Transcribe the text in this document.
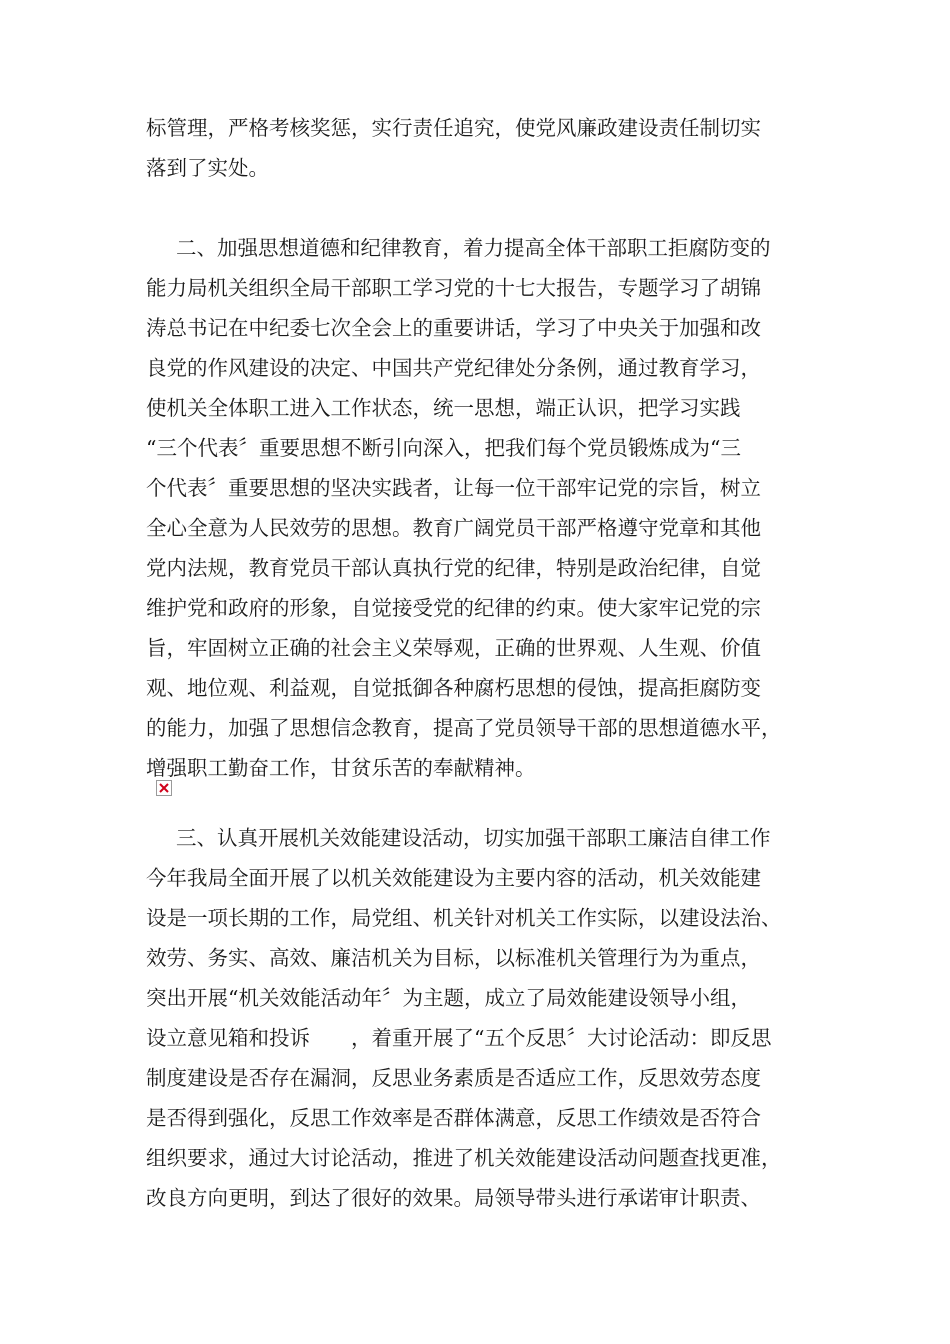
标管理，严格考核奖惩，实行责任追究，使党风廉政建设责任制切实
落到了实处。
二、加强思想道德和纪律教育，着力提高全体干部职工拒腐防变的
能力局机关组织全局干部职工学习党的十七大报告，专题学习了胡锦
涛总书记在中纪委七次全会上的重要讲话，学习了中央关于加强和改
良党的作风建设的决定、中国共产党纪律处分条例，通过教育学习，
使机关全体职工进入工作状态，统一思想，端正认识，把学习实践
“三个代表〞重要思想不断引向深入，把我们每个党员锻炼成为“三
个代表〞重要思想的坚决实践者，让每一位干部牢记党的宗旨，树立
全心全意为人民效劳的思想。教育广阔党员干部严格遵守党章和其他
党内法规，教育党员干部认真执行党的纪律，特别是政治纪律，自觉
维护党和政府的形象，自觉接受党的纪律的约束。使大家牢记党的宗
旨，牢固树立正确的社会主义荣辱观，正确的世界观、人生观、价值
观、地位观、利益观，自觉抵御各种腐朽思想的侵蚀，提高拒腐防变
的能力，加强了思想信念教育，提高了党员领导干部的思想道德水平，
增强职工勤奋工作，甘贫乐苦的奉献精神。
三、认真开展机关效能建设活动，切实加强干部职工廉洁自律工作
今年我局全面开展了以机关效能建设为主要内容的活动，机关效能建
设是一项长期的工作，局党组、机关针对机关工作实际，以建设法治、
效劳、务实、高效、廉洁机关为目标，以标准机关管理行为为重点，
突出开展“机关效能活动年〞为主题，成立了局效能建设领导小组，
设立意见箱和投诉　　，着重开展了“五个反思〞大讨论活动：即反思
制度建设是否存在漏洞，反思业务素质是否适应工作，反思效劳态度
是否得到强化，反思工作效率是否群体满意，反思工作绩效是否符合
组织要求，通过大讨论活动，推进了机关效能建设活动问题查找更准，
改良方向更明，到达了很好的效果。局领导带头进行承诺审计职责、
